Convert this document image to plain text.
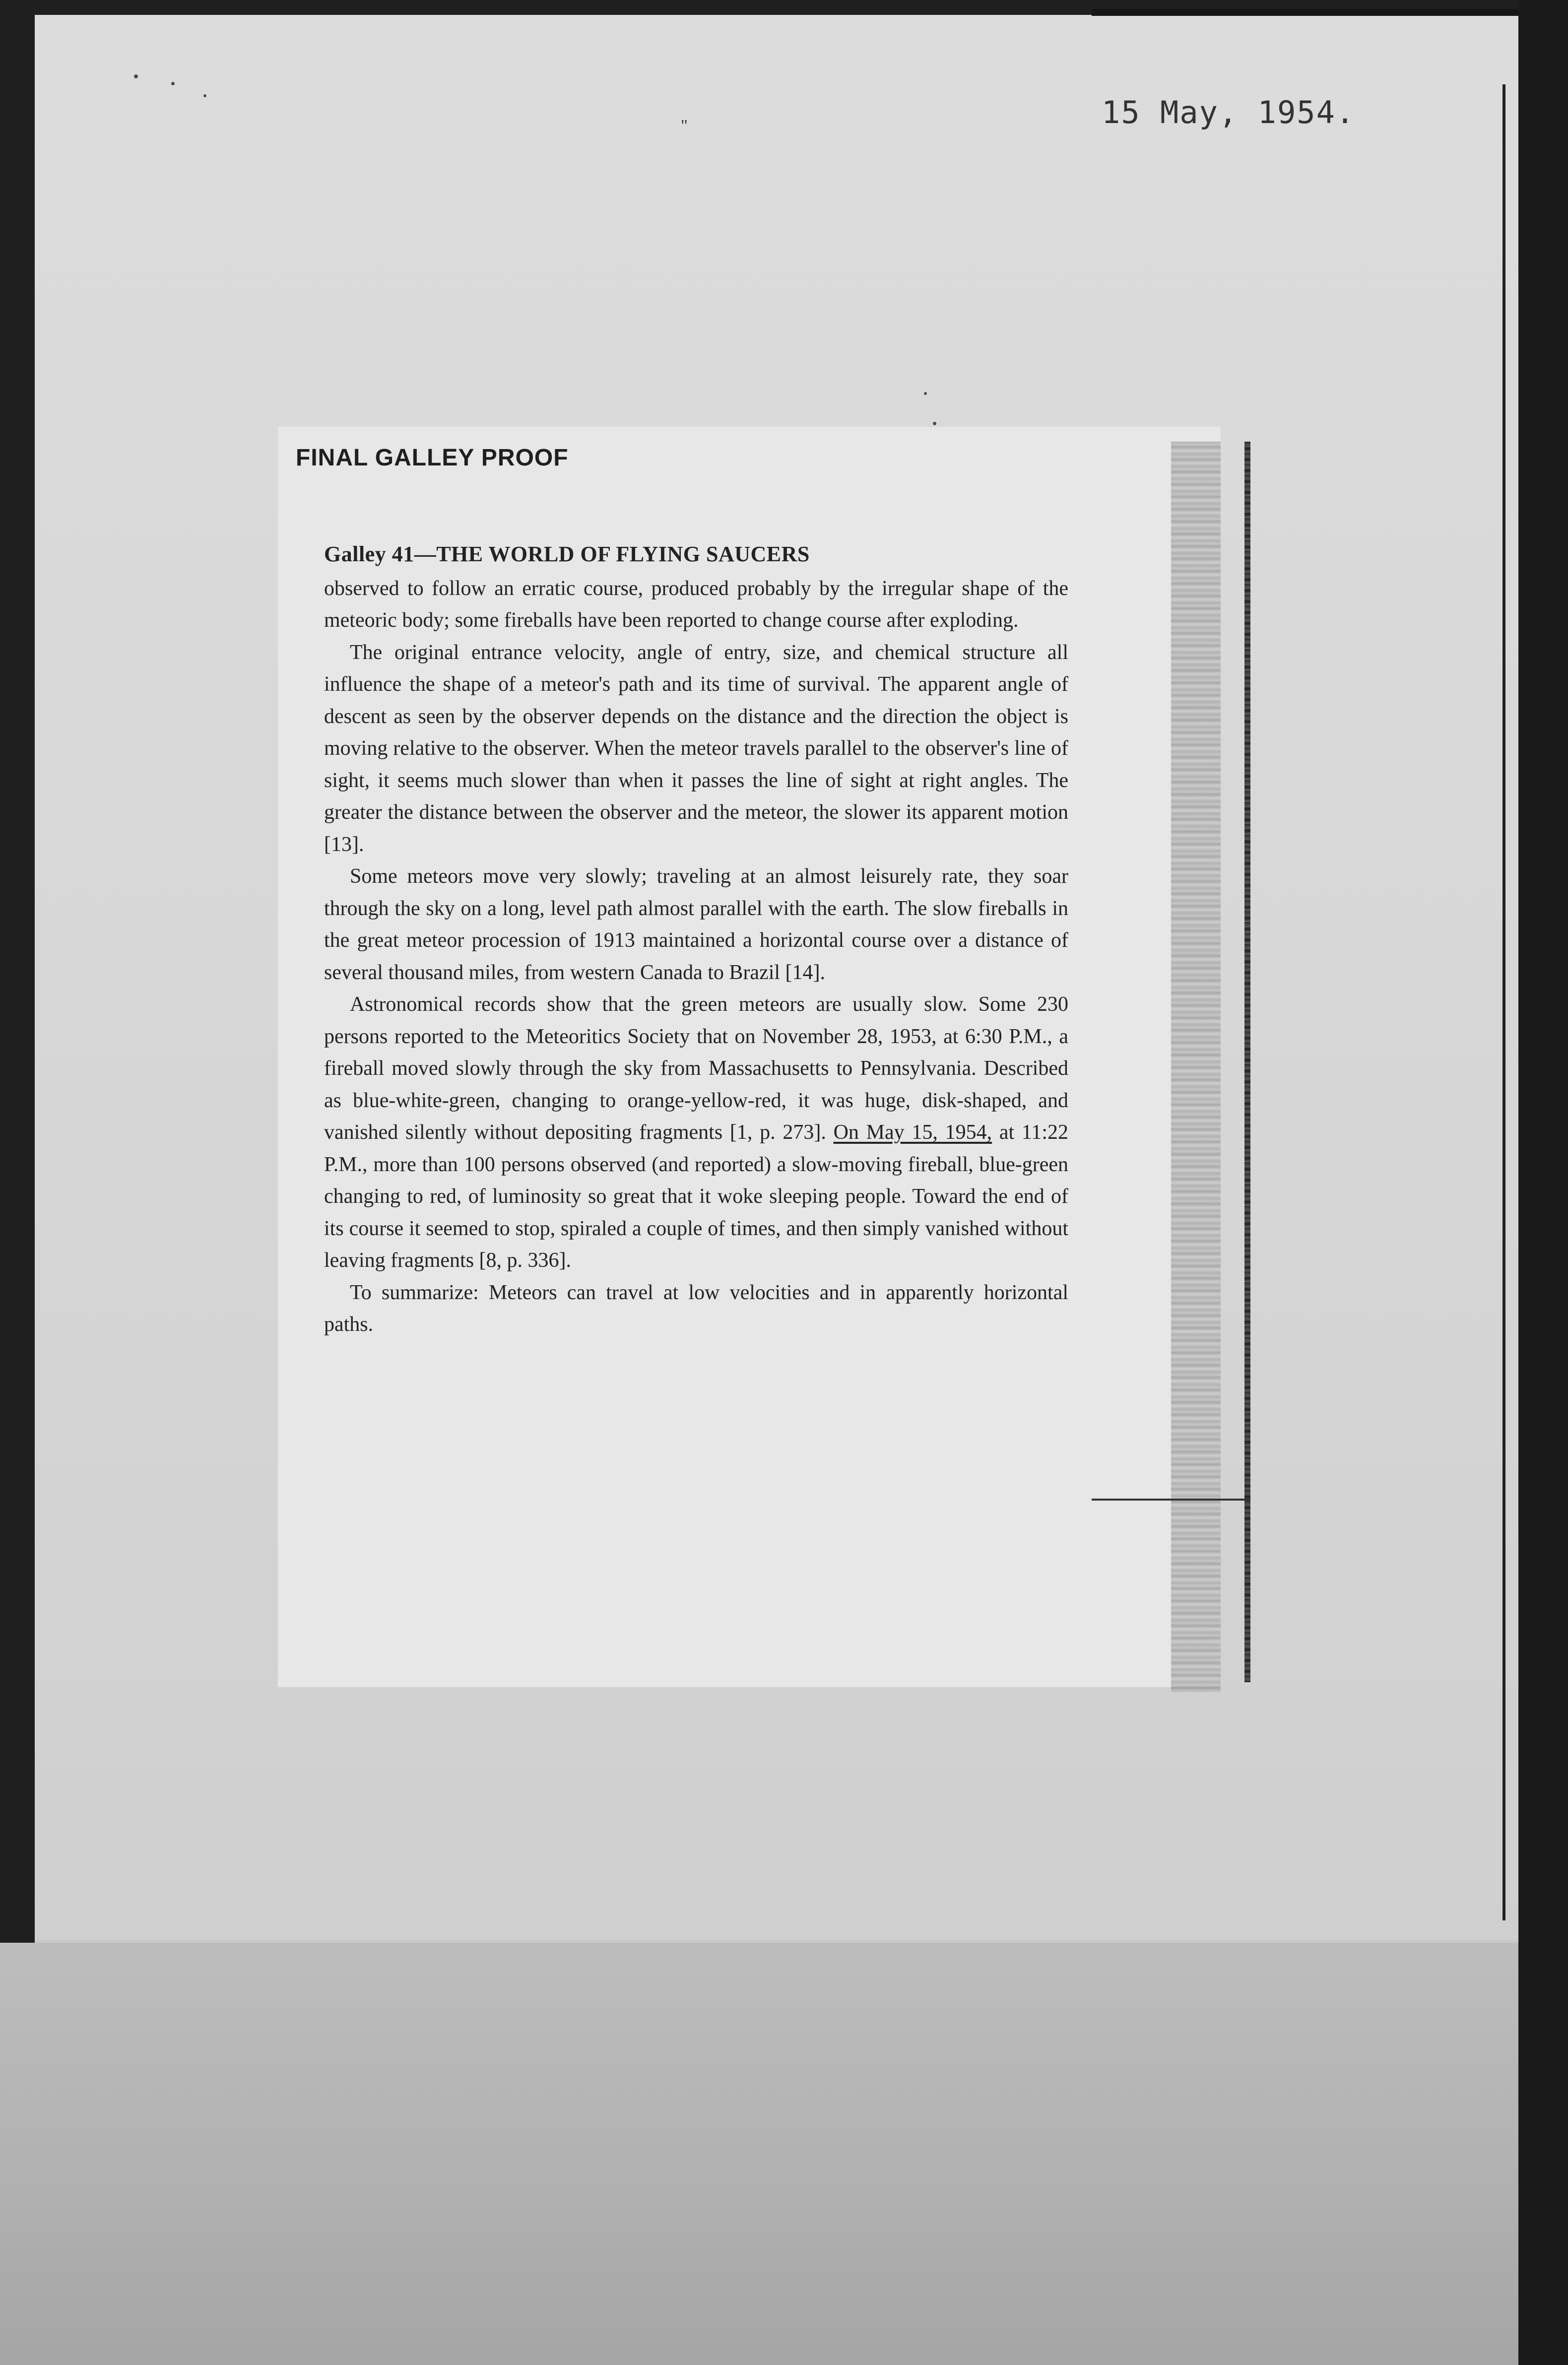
15 May, 1954.
"
FINAL GALLEY PROOF
Galley 41—THE WORLD OF FLYING SAUCERS

observed to follow an erratic course, produced probably by the irregular shape of the meteoric body; some fireballs have been reported to change course after exploding.

The original entrance velocity, angle of entry, size, and chemical structure all influence the shape of a meteor's path and its time of survival. The apparent angle of descent as seen by the observer depends on the distance and the direction the object is moving relative to the observer. When the meteor travels parallel to the observer's line of sight, it seems much slower than when it passes the line of sight at right angles. The greater the distance between the observer and the meteor, the slower its apparent motion [13].

Some meteors move very slowly; traveling at an almost leisurely rate, they soar through the sky on a long, level path almost parallel with the earth. The slow fireballs in the great meteor procession of 1913 maintained a horizontal course over a distance of several thousand miles, from western Canada to Brazil [14].

Astronomical records show that the green meteors are usually slow. Some 230 persons reported to the Meteoritics Society that on November 28, 1953, at 6:30 P.M., a fireball moved slowly through the sky from Massachusetts to Pennsylvania. Described as blue-white-green, changing to orange-yellow-red, it was huge, disk-shaped, and vanished silently without depositing fragments [1, p. 273]. On May 15, 1954, at 11:22 P.M., more than 100 persons observed (and reported) a slow-moving fireball, blue-green changing to red, of luminosity so great that it woke sleeping people. Toward the end of its course it seemed to stop, spiraled a couple of times, and then simply vanished without leaving fragments [8, p. 336].

To summarize: Meteors can travel at low velocities and in apparently horizontal paths.
